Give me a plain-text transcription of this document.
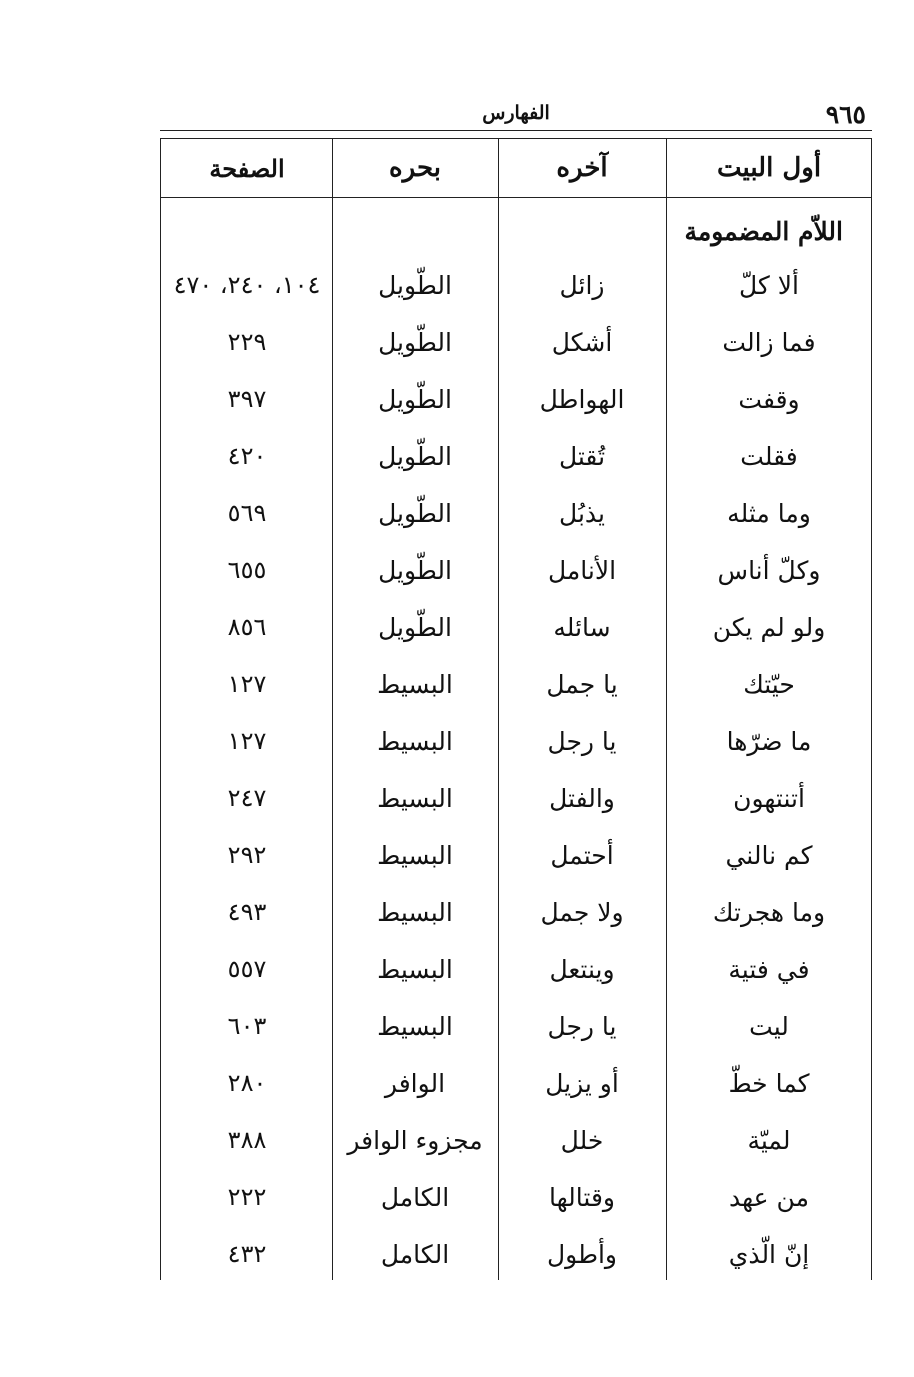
٩٦٥
الفهارس
أول البيت
آخره
بحره
الصفحة
اللاّم المضمومة
ألا كلّ
زائل
الطّويل
١٠٤، ٢٤٠، ٤٧٠
فما زالت
أشكل
الطّويل
٢٢٩
وقفت
الهواطل
الطّويل
٣٩٧
فقلت
تُقتل
الطّويل
٤٢٠
وما مثله
يذبُل
الطّويل
٥٦٩
وكلّ أناس
الأنامل
الطّويل
٦٥٥
ولو لم يكن
سائله
الطّويل
٨٥٦
حيّتك
يا جمل
البسيط
١٢٧
ما ضرّها
يا رجل
البسيط
١٢٧
أتنتهون
والفتل
البسيط
٢٤٧
كم نالني
أحتمل
البسيط
٢٩٢
وما هجرتك
ولا جمل
البسيط
٤٩٣
في فتية
وينتعل
البسيط
٥٥٧
ليت
يا رجل
البسيط
٦٠٣
كما خطّ
أو يزيل
الوافر
٢٨٠
لميّة
خلل
مجزوء الوافر
٣٨٨
من عهد
وقتالها
الكامل
٢٢٢
إنّ الّذي
وأطول
الكامل
٤٣٢
